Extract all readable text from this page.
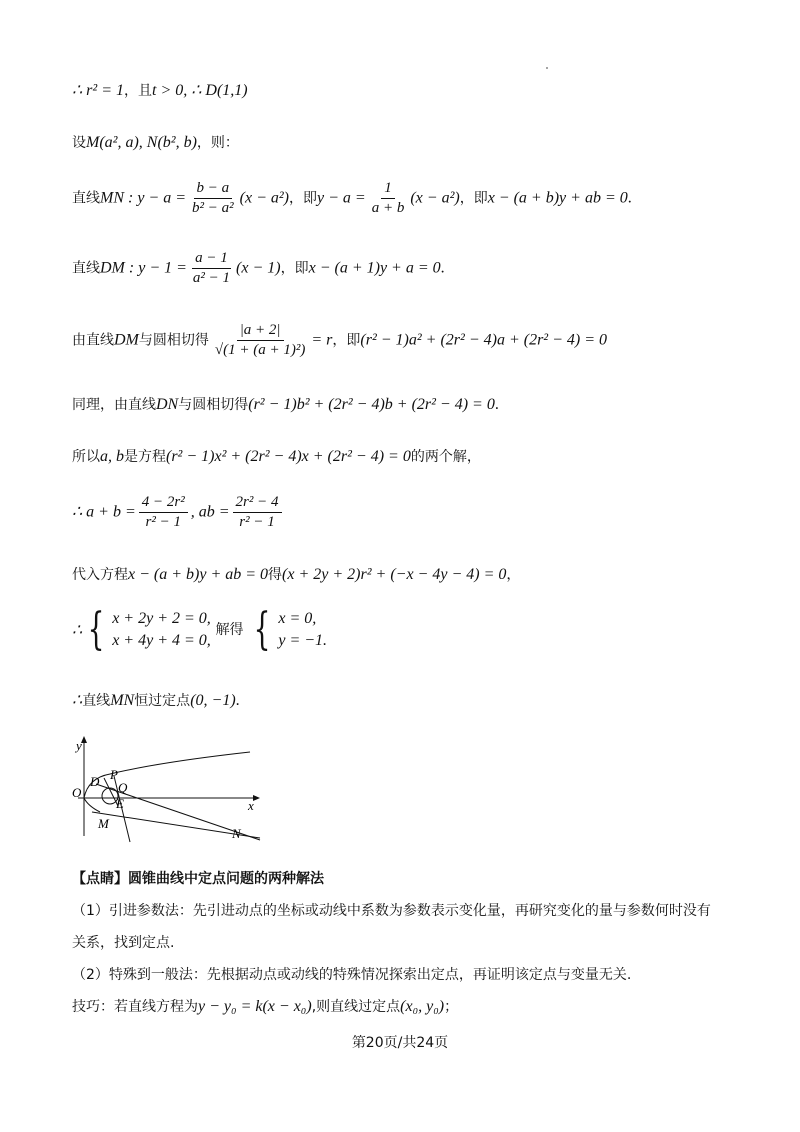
∴ r² = 1，且t > 0, ∴ D(1,1)
设M(a², a), N(b², b)，则：
直线MN : $y - a = \frac{b - a}{\text{b² − a²}} (x - a^2)$，即$y - a = \frac{1}{a + b} (x - a^2)$，即x − (a + b)y + ab = 0.
直线DM : $y - 1 = \frac{a - 1}{\text{a² − 1}} (x - 1)$，即x − (a + 1)y + a = 0.
由直线DM与圆相切得 $\frac{|a + 2|}{\text{√(1 + (a + 1)²)}} = r$，即(r² − 1)a² + (2r² − 4)a + (2r² − 4) = 0
同理，由直线DN与圆相切得(r² − 1)b² + (2r² − 4)b + (2r² − 4) = 0.
所以a, b是方程(r² − 1)x² + (2r² − 4)x + (2r² − 4) = 0的两个解，
∴ $a + b = \frac{\text{4 − 2r²}}{\text{r² − 1}}$ , ab = $\frac{\text{2r² − 4}}{\text{r² − 1}}$
代入方程x − (a + b)y + ab = 0得(x + 2y + 2)r² + (−x − 4y − 4) = 0，
∴ { x + 2y + 2 = 0,
x + 4y + 4 = 0,
解得 { x = 0,
y = −1.
∴直线MN恒过定点(0, −1).
y
x
O
D P
Q
E
M
N
【点睛】圆锥曲线中定点问题的两种解法
（1）引进参数法：先引进动点的坐标或动线中系数为参数表示变化量，再研究变化的量与参数何时没有
关系，找到定点.
（2）特殊到一般法：先根据动点或动线的特殊情况探索出定点，再证明该定点与变量无关.
技巧：若直线方程为y − y₀ = k(x − x₀),则直线过定点(x₀, y₀)；
第20页/共24页
